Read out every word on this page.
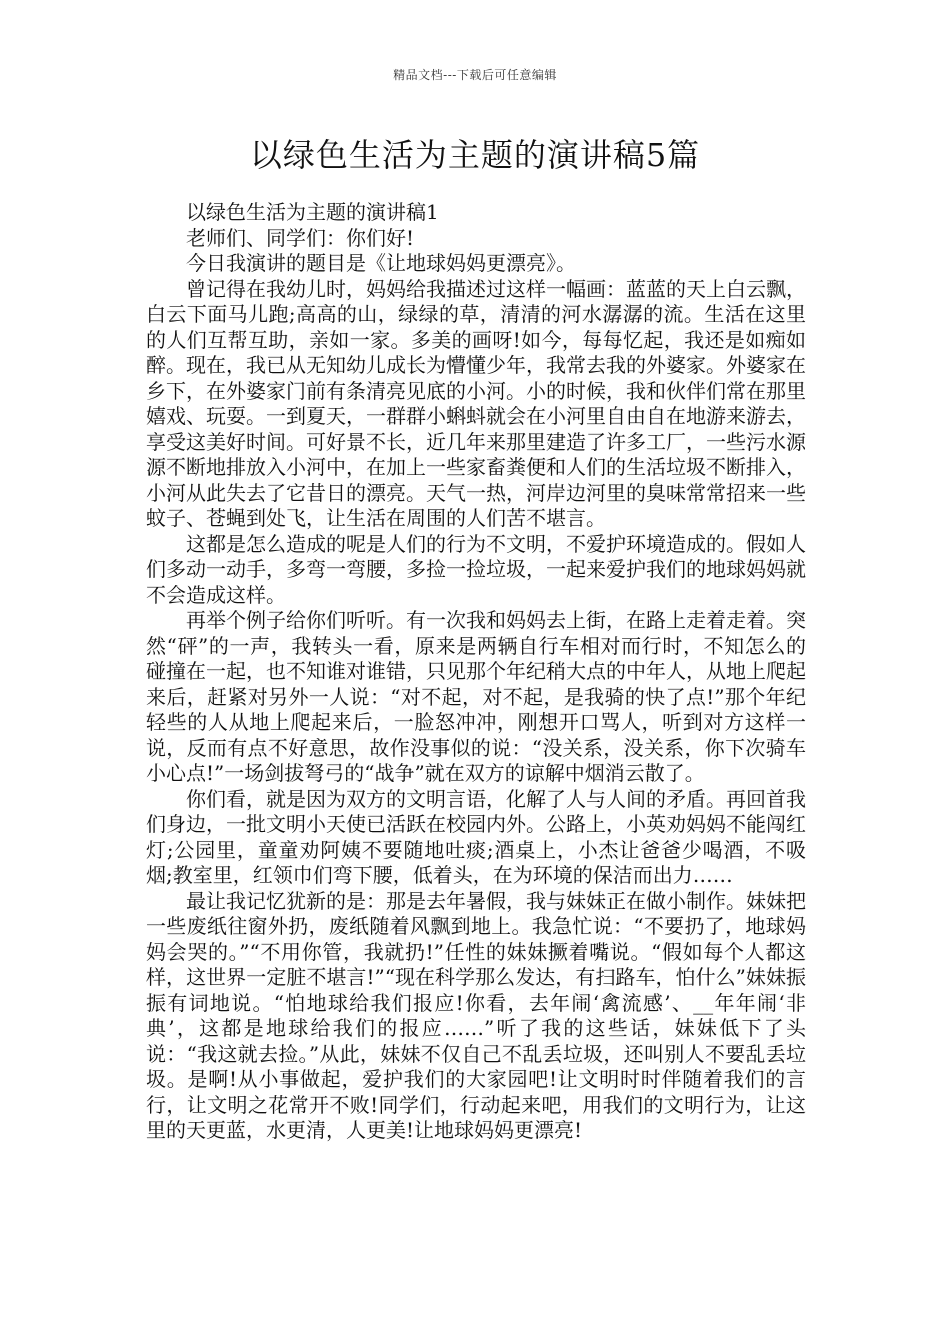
精品文档---下载后可任意编辑
以绿色生活为主题的演讲稿5篇

以绿色生活为主题的演讲稿1

老师们、同学们：你们好!

今日我演讲的题目是《让地球妈妈更漂亮》。

曾记得在我幼儿时，妈妈给我描述过这样一幅画：蓝蓝的天上白云飘，白云下面马儿跑;高高的山，绿绿的草，清清的河水潺潺的流。生活在这里的人们互帮互助，亲如一家。多美的画呀!如今，每每忆起，我还是如痴如醉。现在，我已从无知幼儿成长为懵懂少年，我常去我的外婆家。外婆家在乡下，在外婆家门前有条清亮见底的小河。小的时候，我和伙伴们常在那里嬉戏、玩耍。一到夏天，一群群小蝌蚪就会在小河里自由自在地游来游去，享受这美好时间。可好景不长，近几年来那里建造了许多工厂，一些污水源源不断地排放入小河中，在加上一些家畜粪便和人们的生活垃圾不断排入，小河从此失去了它昔日的漂亮。天气一热，河岸边河里的臭味常常招来一些蚊子、苍蝇到处飞，让生活在周围的人们苦不堪言。

这都是怎么造成的呢是人们的行为不文明，不爱护环境造成的。假如人们多动一动手，多弯一弯腰，多捡一捡垃圾，一起来爱护我们的地球妈妈就不会造成这样。

再举个例子给你们听听。有一次我和妈妈去上街，在路上走着走着。突然“砰”的一声，我转头一看，原来是两辆自行车相对而行时，不知怎么的碰撞在一起，也不知谁对谁错，只见那个年纪稍大点的中年人，从地上爬起来后，赶紧对另外一人说：“对不起，对不起，是我骑的快了点!”那个年纪轻些的人从地上爬起来后，一脸怒冲冲，刚想开口骂人，听到对方这样一说，反而有点不好意思，故作没事似的说：“没关系，没关系，你下次骑车小心点!”一场剑拔弩弓的“战争”就在双方的谅解中烟消云散了。

你们看，就是因为双方的文明言语，化解了人与人间的矛盾。再回首我们身边，一批文明小天使已活跃在校园内外。公路上，小英劝妈妈不能闯红灯;公园里，童童劝阿姨不要随地吐痰;酒桌上，小杰让爸爸少喝酒，不吸烟;教室里，红领巾们弯下腰，低着头，在为环境的保洁而出力……

最让我记忆犹新的是：那是去年暑假，我与妹妹正在做小制作。妹妹把一些废纸往窗外扔，废纸随着风飘到地上。我急忙说：“不要扔了，地球妈妈会哭的。”“不用你管，我就扔!”任性的妹妹撅着嘴说。“假如每个人都这样，这世界一定脏不堪言!”“现在科学那么发达，有扫路车，怕什么”妹妹振振有词地说。“怕地球给我们报应!你看，去年闹‘禽流感’、__年年闹‘非典’，这都是地球给我们的报应……”听了我的这些话，妹妹低下了头说：“我这就去捡。”从此，妹妹不仅自己不乱丢垃圾，还叫别人不要乱丢垃圾。是啊!从小事做起，爱护我们的大家园吧!让文明时时伴随着我们的言行，让文明之花常开不败!同学们，行动起来吧，用我们的文明行为，让这里的天更蓝，水更清，人更美!让地球妈妈更漂亮!
